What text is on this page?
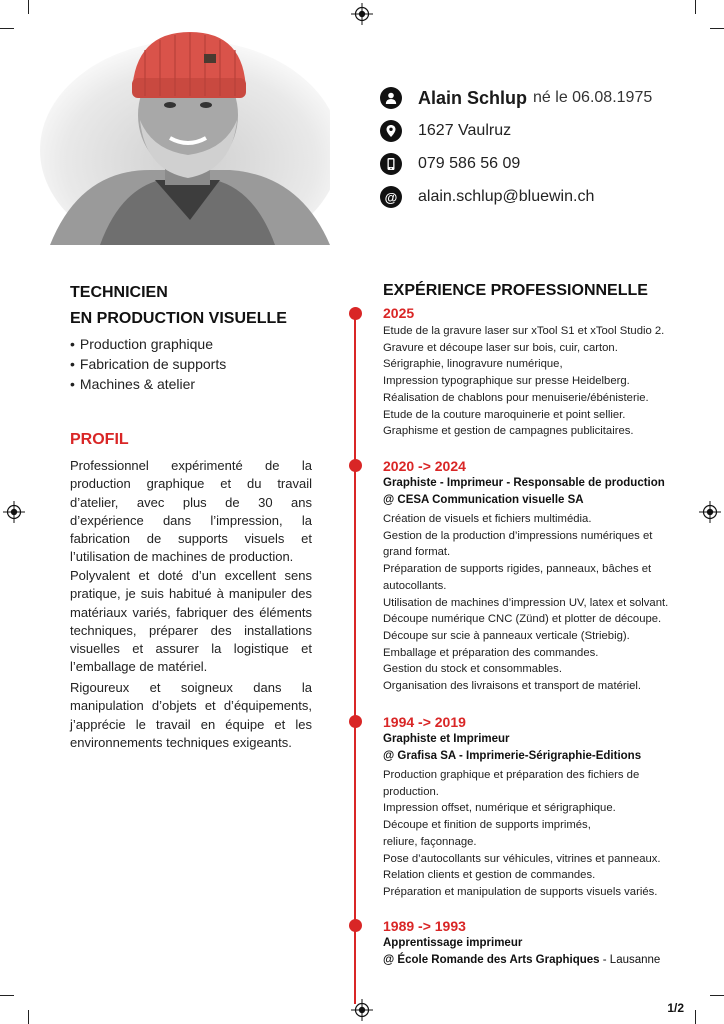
Alain Schlup né le 06.08.1975
1627 Vaulruz
079 586 56 09
@ alain.schlup@bluewin.ch
TECHNICIEN
EN PRODUCTION VISUELLE
• Production graphique
• Fabrication de supports
• Machines & atelier
PROFIL

Professionnel expérimenté de la production graphique et du travail d’atelier, avec plus de 30 ans d’expérience dans l’impression, la fabrication de supports visuels et l’utilisation de machines de production.

Polyvalent et doté d’un excellent sens pratique, je suis habitué à manipuler des matériaux variés, fabriquer des éléments techniques, préparer des installations visuelles et assurer la logistique et l’emballage de matériel.

Rigoureux et soigneux dans la manipulation d’objets et d’équipements, j’apprécie le travail en équipe et les environnements techniques exigeants.

EXPÉRIENCE PROFESSIONNELLE
2025
Etude de la gravure laser sur xTool S1 et xTool Studio 2.
Gravure et découpe laser sur bois, cuir, carton.
Sérigraphie, linogravure numérique,
Impression typographique sur presse Heidelberg.
Réalisation de chablons pour menuiserie/ébénisterie.
Etude de la couture maroquinerie et point sellier.
Graphisme et gestion de campagnes publicitaires.
2020 -> 2024
Graphiste - Imprimeur - Responsable de production
@ CESA Communication visuelle SA
Création de visuels et fichiers multimédia.
Gestion de la production d’impressions numériques et
grand format.
Préparation de supports rigides, panneaux, bâches et
autocollants.
Utilisation de machines d’impression UV, latex et solvant.
Découpe numérique CNC (Zünd) et plotter de découpe.
Découpe sur scie à panneaux verticale (Striebig).
Emballage et préparation des commandes.
Gestion du stock et consommables.
Organisation des livraisons et transport de matériel.
1994 -> 2019
Graphiste et Imprimeur
@ Grafisa SA - Imprimerie-Sérigraphie-Editions
Production graphique et préparation des fichiers de
production.
Impression offset, numérique et sérigraphique.
Découpe et finition de supports imprimés,
reliure, façonnage.
Pose d’autocollants sur véhicules, vitrines et panneaux.
Relation clients et gestion de commandes.
Préparation et manipulation de supports visuels variés.
1989 -> 1993
Apprentissage imprimeur
@ École Romande des Arts Graphiques - Lausanne
1/2
